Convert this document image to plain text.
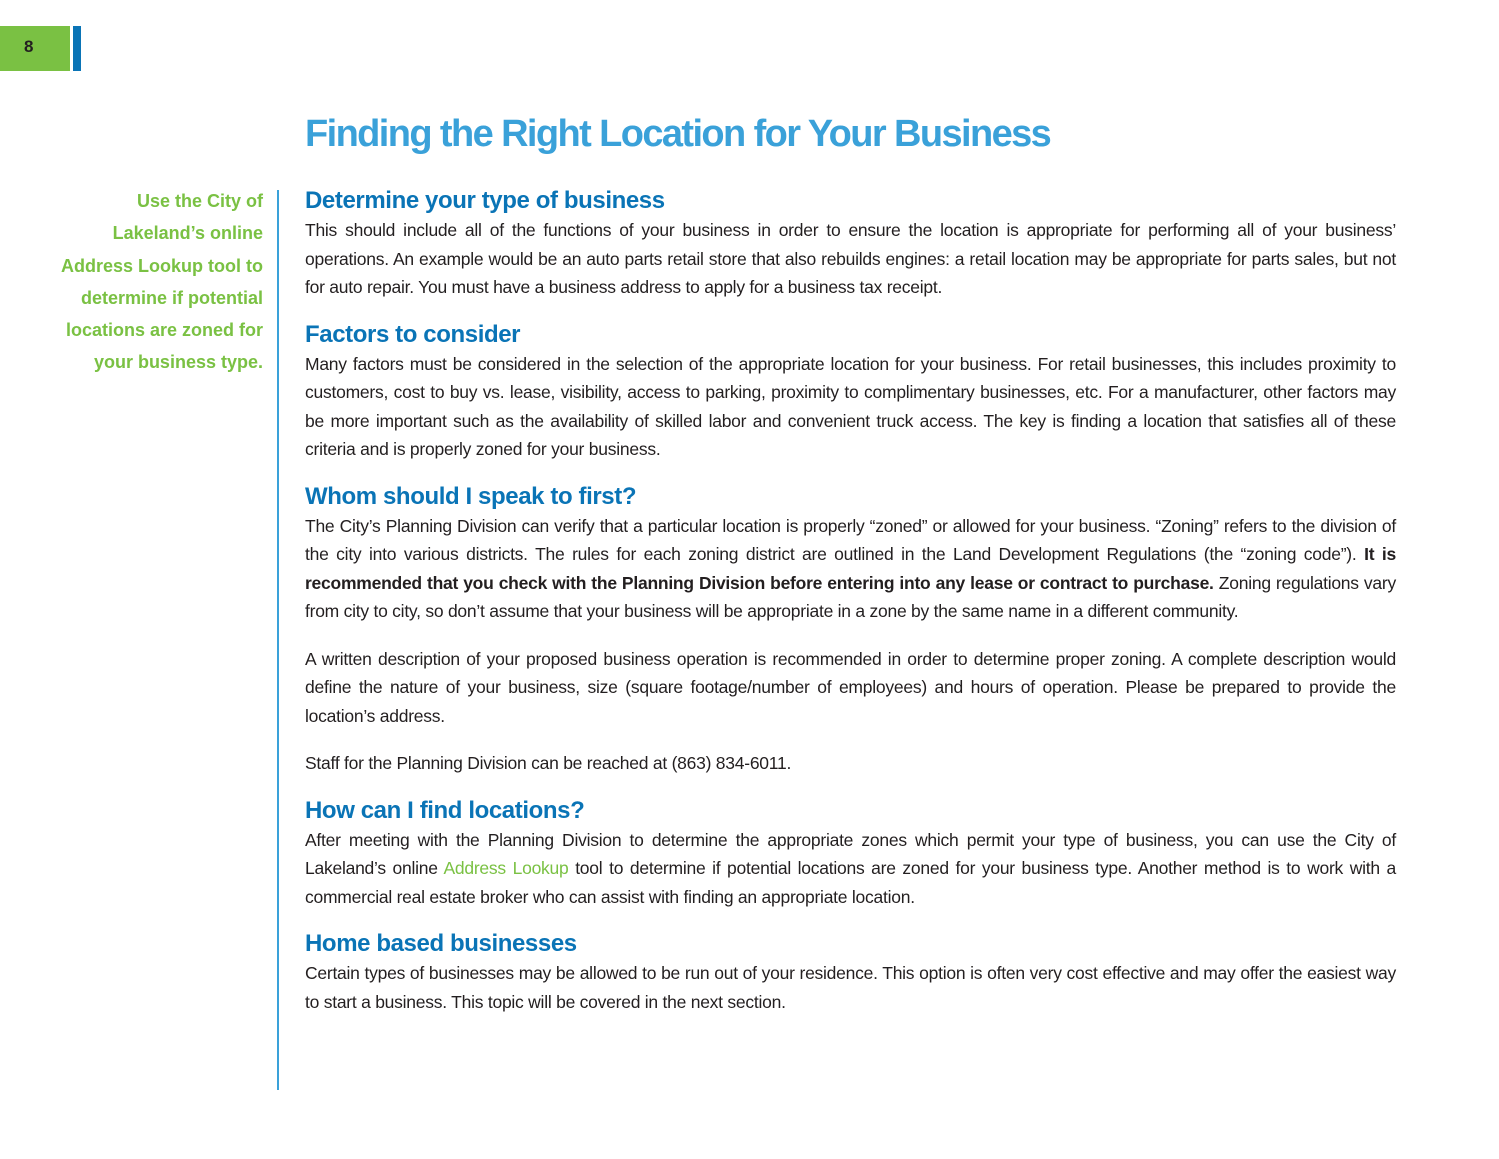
8
Finding the Right Location for Your Business

Use the City of Lakeland’s online Address Lookup tool to determine if potential locations are zoned for your business type.

Determine your type of business

This should include all of the functions of your business in order to ensure the location is appropriate for performing all of your business’ operations. An example would be an auto parts retail store that also rebuilds engines: a retail location may be appropriate for parts sales, but not for auto repair. You must have a business address to apply for a business tax receipt.

Factors to consider

Many factors must be considered in the selection of the appropriate location for your business. For retail businesses, this includes proximity to customers, cost to buy vs. lease, visibility, access to parking, proximity to complimentary businesses, etc. For a manufacturer, other factors may be more important such as the availability of skilled labor and convenient truck access. The key is finding a location that satisfies all of these criteria and is properly zoned for your business.

Whom should I speak to first?

The City’s Planning Division can verify that a particular location is properly “zoned” or allowed for your business. “Zoning” refers to the division of the city into various districts. The rules for each zoning district are outlined in the Land Development Regulations (the “zoning code”). It is recommended that you check with the Planning Division before entering into any lease or contract to purchase. Zoning regulations vary from city to city, so don’t assume that your business will be appropriate in a zone by the same name in a different community.

A written description of your proposed business operation is recommended in order to determine proper zoning. A complete description would define the nature of your business, size (square footage/number of employees) and hours of operation. Please be prepared to provide the location’s address.

Staff for the Planning Division can be reached at (863) 834-6011.

How can I find locations?

After meeting with the Planning Division to determine the appropriate zones which permit your type of business, you can use the City of Lakeland’s online Address Lookup tool to determine if potential locations are zoned for your business type. Another method is to work with a commercial real estate broker who can assist with finding an appropriate location.

Home based businesses

Certain types of businesses may be allowed to be run out of your residence. This option is often very cost effective and may offer the easiest way to start a business. This topic will be covered in the next section.
